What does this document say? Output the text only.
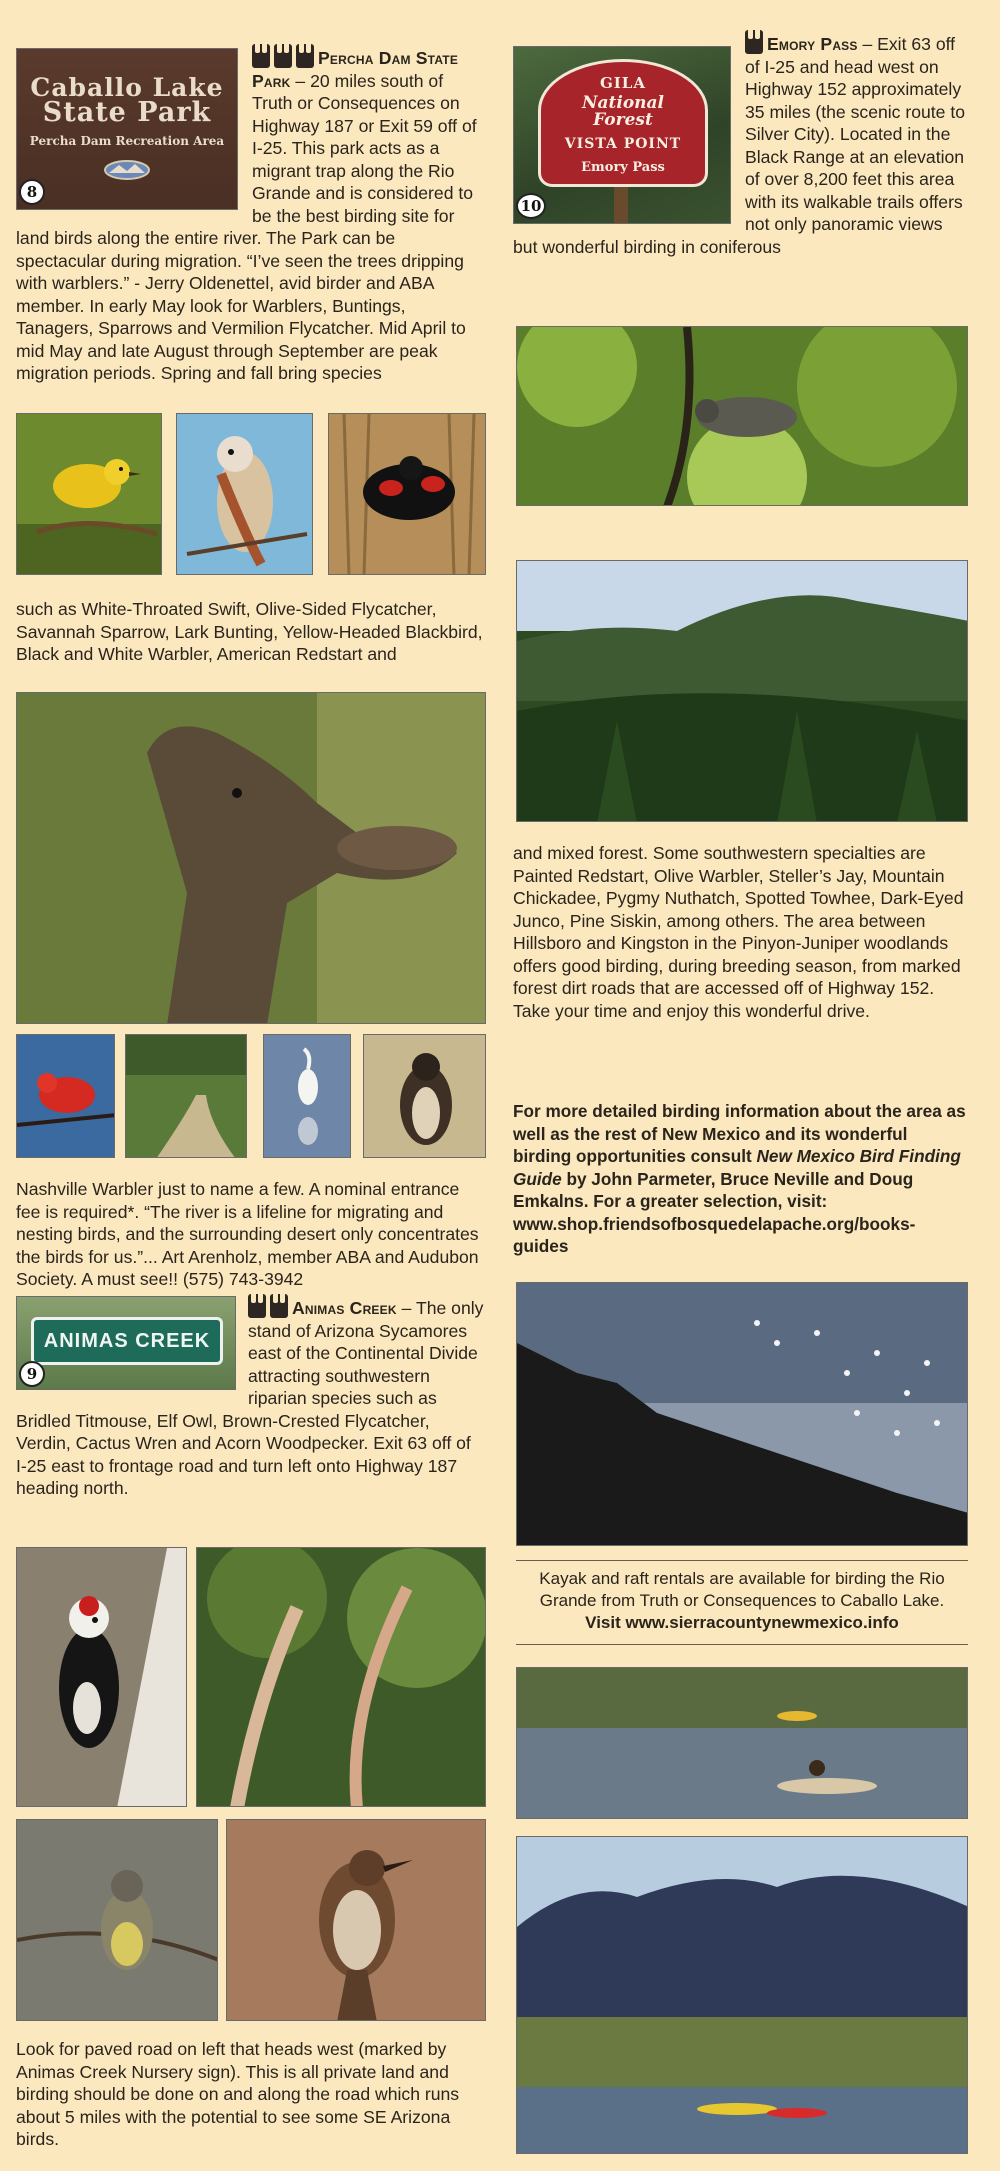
Caballo Lake
State Park
Percha Dam Recreation Area
8
Percha Dam State Park – 20 miles south of Truth or Consequences on Highway 187 or Exit 59 off of I-25. This park acts as a migrant trap along the Rio Grande and is considered to be the best birding site for land birds along the entire river. The Park can be spectacular during migration. “I’ve seen the trees dripping with warblers.” - Jerry Oldenettel, avid birder and ABA member. In early May look for Warblers, Buntings, Tanagers, Sparrows and Vermilion Flycatcher. Mid April to mid May and late August through September are peak migration periods. Spring and fall bring species
such as White-Throated Swift, Olive-Sided Flycatcher, Savannah Sparrow, Lark Bunting, Yellow-Headed Blackbird, Black and White Warbler, American Redstart and
Nashville Warbler just to name a few. A nominal entrance fee is required*. “The river is a lifeline for migrating and nesting birds, and the surrounding desert only concentrates the birds for us.”... Art Arenholz, member ABA and Audubon Society. A must see!! (575) 743-3942
ANIMAS CREEK
9
Animas Creek – The only stand of Arizona Sycamores east of the Continental Divide attracting southwestern riparian species such as Bridled Titmouse, Elf Owl, Brown-Crested Flycatcher, Verdin, Cactus Wren and Acorn Woodpecker. Exit 63 off of I-25 east to frontage road and turn left onto Highway 187 heading north.
Look for paved road on left that heads west (marked by Animas Creek Nursery sign). This is all private land and birding should be done on and along the road which runs about 5 miles with the potential to see some SE Arizona birds.
GILA
National
Forest
VISTA POINT
Emory Pass
10
Emory Pass – Exit 63 off of I-25 and head west on Highway 152 approximately 35 miles (the scenic route to Silver City). Located in the Black Range at an elevation of over 8,200 feet this area with its walkable trails offers not only panoramic views but wonderful birding in coniferous
and mixed forest. Some southwestern specialties are Painted Redstart, Olive Warbler, Steller’s Jay, Mountain Chickadee, Pygmy Nuthatch, Spotted Towhee, Dark-Eyed Junco, Pine Siskin, among others. The area between Hillsboro and Kingston in the Pinyon-Juniper woodlands offers good birding, during breeding season, from marked forest dirt roads that are accessed off of Highway 152. Take your time and enjoy this wonderful drive.
For more detailed birding information about the area as well as the rest of New Mexico and its wonderful birding opportunities consult New Mexico Bird Finding Guide by John Parmeter, Bruce Neville and Doug Emkalns. For a greater selection, visit: www.shop.friendsofbosquedelapache.org/books-guides
Kayak and raft rentals are available for birding the Rio Grande from Truth or Consequences to Caballo Lake.
Visit www.sierracountynewmexico.info
